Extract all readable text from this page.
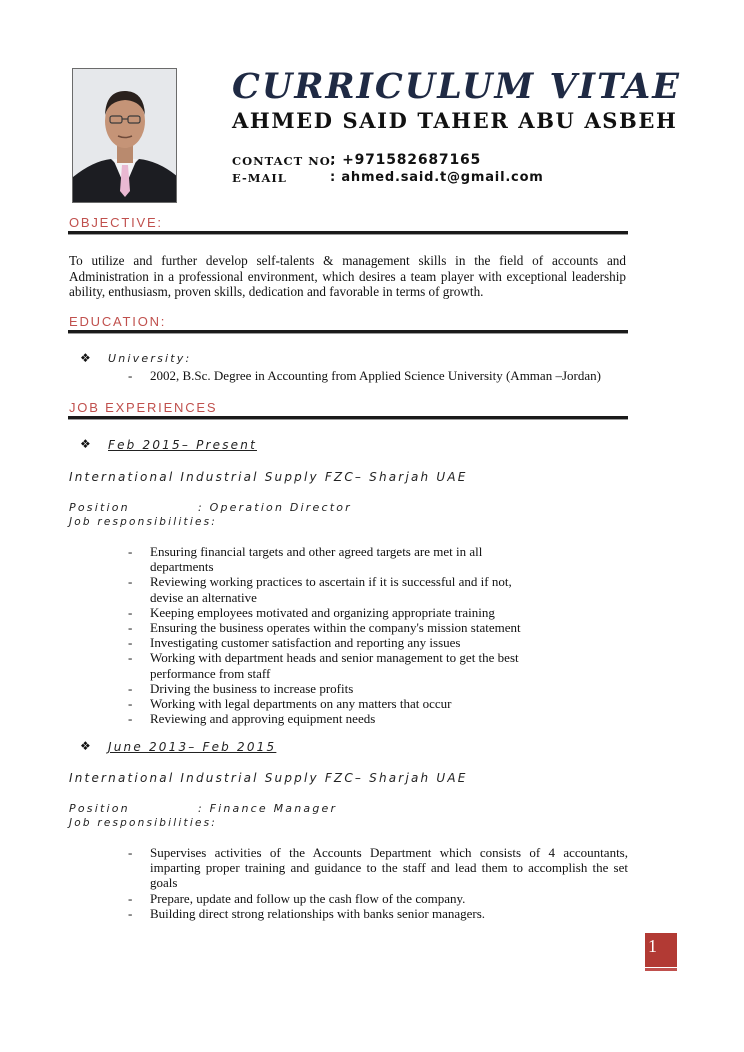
CURRICULUM VITAE
AHMED SAID TAHER ABU ASBEH
CONTACT NO.
: +971582687165
E-MAIL	: ahmed.said.t@gmail.com
OBJECTIVE:
To utilize and further develop self-talents & management skills in the field of accounts and Administration in a professional environment, which desires a team player with exceptional leadership ability, enthusiasm, proven skills, dedication and favorable in terms of growth.
EDUCATION:
❖ University:
- 2002, B.Sc. Degree in Accounting from Applied Science University (Amman –Jordan)
JOB EXPERIENCES
❖ Feb 2015– Present
International Industrial Supply FZC– Sharjah UAE
Position	: Operation Director
Job responsibilities:
- Ensuring financial targets and other agreed targets are met in all departments
- Reviewing working practices to ascertain if it is successful and if not, devise an alternative
- Keeping employees motivated and organizing appropriate training
- Ensuring the business operates within the company's mission statement
- Investigating customer satisfaction and reporting any issues
- Working with department heads and senior management to get the best performance from staff
- Driving the business to increase profits
- Working with legal departments on any matters that occur
- Reviewing and approving equipment needs
❖ June 2013– Feb 2015
International Industrial Supply FZC– Sharjah UAE
Position	: Finance Manager
Job responsibilities:
- Supervises activities of the Accounts Department which consists of 4 accountants, imparting proper training and guidance to the staff and lead them to accomplish the set goals
- Prepare, update and follow up the cash flow of the company.
- Building direct strong relationships with banks senior managers.
1
